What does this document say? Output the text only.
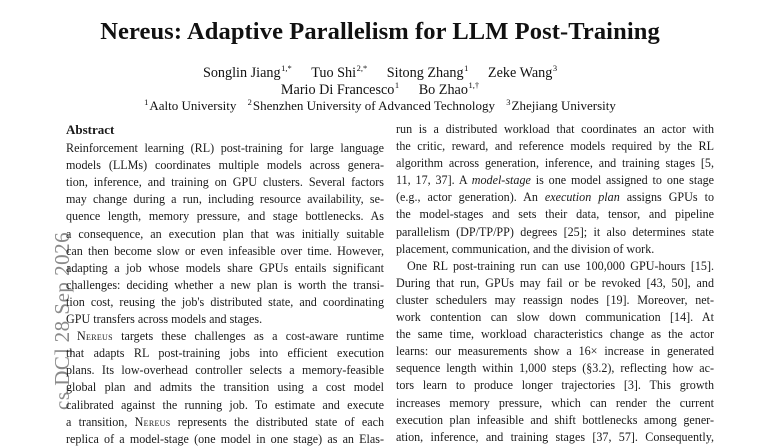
Nereus: Adaptive Parallelism for LLM Post-Training
Songlin Jiang$^{1,*}$ Tuo Shi$^{2,*}$ Sitong Zhang$^1$ Zeke Wang$^3$
Mario Di Francesco$^1$ Bo Zhao$^{1,\dagger}$
$^1$Aalto University $^2$Shenzhen University of Advanced Technology $^3$Zhejiang University
cs.DC] 28 Sep 2026
Abstract
Reinforcement learning (RL) post-training for large language
models (LLMs) coordinates multiple models across genera-
tion, inference, and training on GPU clusters. Several factors
may change during a run, including resource availability, se-
quence length, memory pressure, and stage bottlenecks. As
a consequence, an execution plan that was initially suitable
can then become slow or even infeasible over time. However,
adapting a job whose models share GPUs entails significant
challenges: deciding whether a new plan is worth the transi-
tion cost, reusing the job's distributed state, and coordinating
GPU transfers across models and stages.
Nereus targets these challenges as a cost-aware runtime
that adapts RL post-training jobs into efficient execution
plans. Its low-overhead controller selects a memory-feasible
global plan and admits the transition using a cost model
calibrated against the running job. To estimate and execute
a transition, Nereus represents the distributed state of each
replica of a model-stage (one model in one stage) as an Elas-
run is a distributed workload that coordinates an actor with
the critic, reward, and reference models required by the RL
algorithm across generation, inference, and training stages [5,
11, 17, 37]. A model-stage is one model assigned to one stage
(e.g., actor generation). An execution plan assigns GPUs to
the model-stages and sets their data, tensor, and pipeline
parallelism (DP/TP/PP) degrees [25]; it also determines state
placement, communication, and the division of work.
One RL post-training run can use 100,000 GPU-hours [15].
During that run, GPUs may fail or be revoked [43, 50], and
cluster schedulers may reassign nodes [19]. Moreover, net-
work contention can slow down communication [14]. At
the same time, workload characteristics change as the actor
learns: our measurements show a 16× increase in generated
sequence length within 1,000 steps (§3.2), reflecting how ac-
tors learn to produce longer trajectories [3]. This growth
increases memory pressure, which can render the current
execution plan infeasible and shift bottlenecks among gener-
ation, inference, and training stages [37, 57]. Consequently,
